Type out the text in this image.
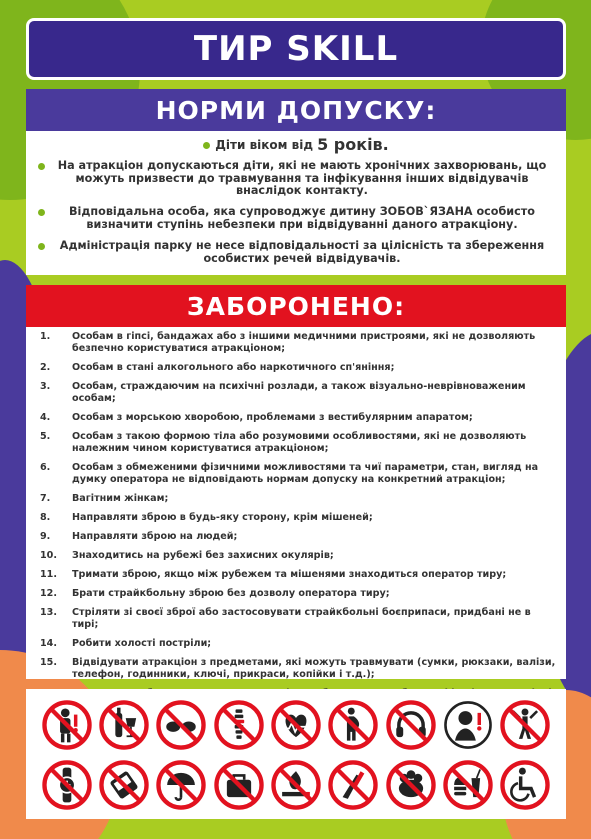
ТИР SKILL
НОРМИ ДОПУСКУ:
Діти віком від 5 років.
На атракціон допускаються діти, які не мають хронічних захворювань, що можуть призвести до травмування та інфікування інших відвідувачів внаслідок контакту.
Відповідальна особа, яка супроводжує дитину ЗОБОВ`ЯЗАНА особисто визначити ступінь небезпеки при відвідуванні даного атракціону.
Адміністрація парку не несе відповідальності за цілісність та збереження особистих речей відвідувачів.
ЗАБОРОНЕНО:
1.	Особам в гіпсі, бандажах або з іншими медичними пристроями, які не дозволяють безпечно користуватися атракціоном;
2.	Особам в стані алкогольного або наркотичного сп'яніння;
3.	Особам, страждаючим на психічні розлади, а також візуально-неврівноваженим особам;
4.	Особам з морською хворобою, проблемами з вестибулярним апаратом;
5.	Особам з такою формою тіла або розумовими особливостями, які не дозволяють належним чином користуватися атракціоном;
6.	Особам з обмеженими фізичними можливостями та чиї параметри, стан, вигляд на думку оператора не відповідають нормам допуску на конкретний атракціон;
7.	Вагітним жінкам;
8.	Направляти зброю в будь-яку сторону, крім мішеней;
9.	Направляти зброю на людей;
10.	Знаходитись на рубежі без захисних окулярів;
11.	Тримати зброю, якщо між рубежем та мішенями знаходиться оператор тиру;
12.	Брати страйкбольну зброю без дозволу оператора тиру;
13.	Стріляти зі своєї зброї або застосовувати страйкбольні боєприпаси, придбані не в тирі;
14.	Робити холості постріли;
15.	Відвідувати атракціон з предметами, які можуть травмувати (сумки, рюкзаки, валізи, телефон, годинники, ключі, прикраси, копійки і т.д.);
